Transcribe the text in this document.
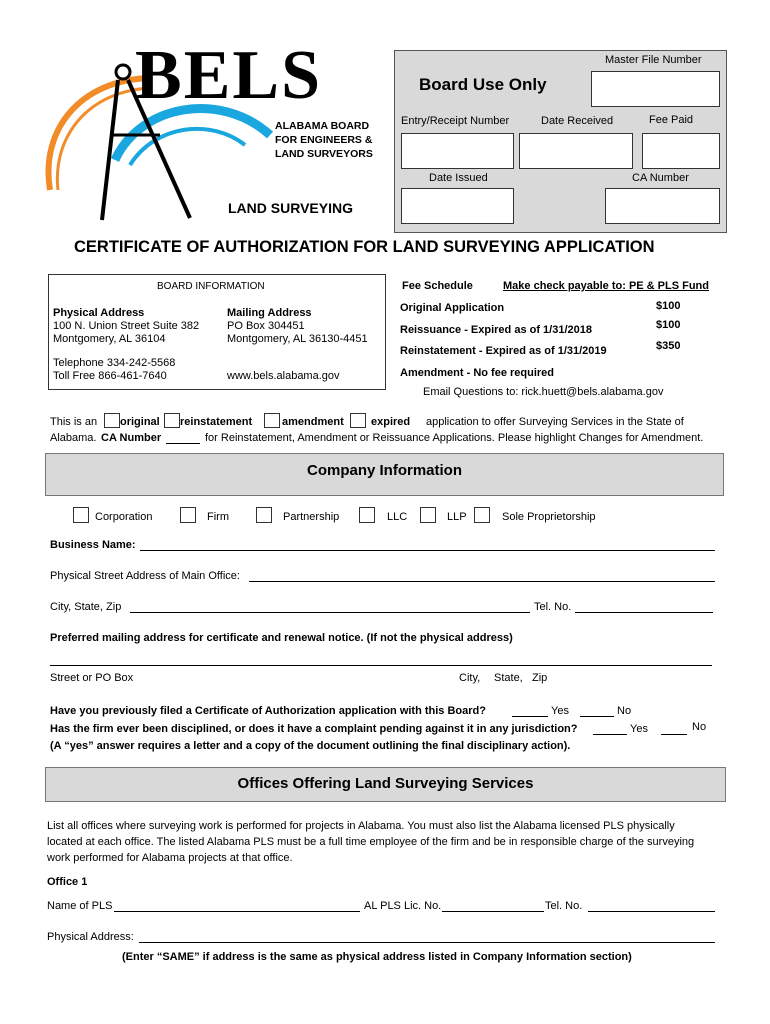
BELS
ALABAMA BOARD
FOR ENGINEERS &
LAND SURVEYORS
LAND SURVEYING
Master File Number
Board Use Only
Entry/Receipt Number	Date Received	Fee Paid
Date Issued	CA Number
CERTIFICATE OF AUTHORIZATION FOR LAND SURVEYING APPLICATION
BOARD INFORMATION
Physical Address
100 N. Union Street Suite 382
Montgomery, AL 36104
Mailing Address
PO Box 304451
Montgomery, AL 36130-4451
Telephone 334-242-5568
Toll Free 866-461-7640	www.bels.alabama.gov
Fee Schedule	Make check payable to: PE & PLS Fund
Original Application	$100
Reissuance - Expired as of 1/31/2018	$100
Reinstatement - Expired as of 1/31/2019	$350
Amendment - No fee required
Email Questions to: rick.huett@bels.alabama.gov
This is an original reinstatement	amendment expired application to offer Surveying Services in the State of
Alabama. CA Number	for Reinstatement, Amendment or Reissuance Applications. Please highlight Changes for Amendment.
Company Information
Corporation	Firm	Partnership	LLC	LLP	Sole Proprietorship
Business Name:
Physical Street Address of Main Office:
City, State, Zip	Tel. No.
Preferred mailing address for certificate and renewal notice. (If not the physical address)
Street or PO Box	City, State, Zip
Have you previously filed a Certificate of Authorization application with this Board?	Yes	No
Has the firm ever been disciplined, or does it have a complaint pending against it in any jurisdiction?	Yes	No
(A “yes” answer requires a letter and a copy of the document outlining the final disciplinary action).
Offices Offering Land Surveying Services
List all offices where surveying work is performed for projects in Alabama. You must also list the Alabama licensed PLS physically
located at each office. The listed Alabama PLS must be a full time employee of the firm and be in responsible charge of the surveying
work performed for Alabama projects at that office.
Office 1
Name of PLS	AL PLS Lic. No.	Tel. No.
Physical Address:
(Enter “SAME” if address is the same as physical address listed in Company Information section)
